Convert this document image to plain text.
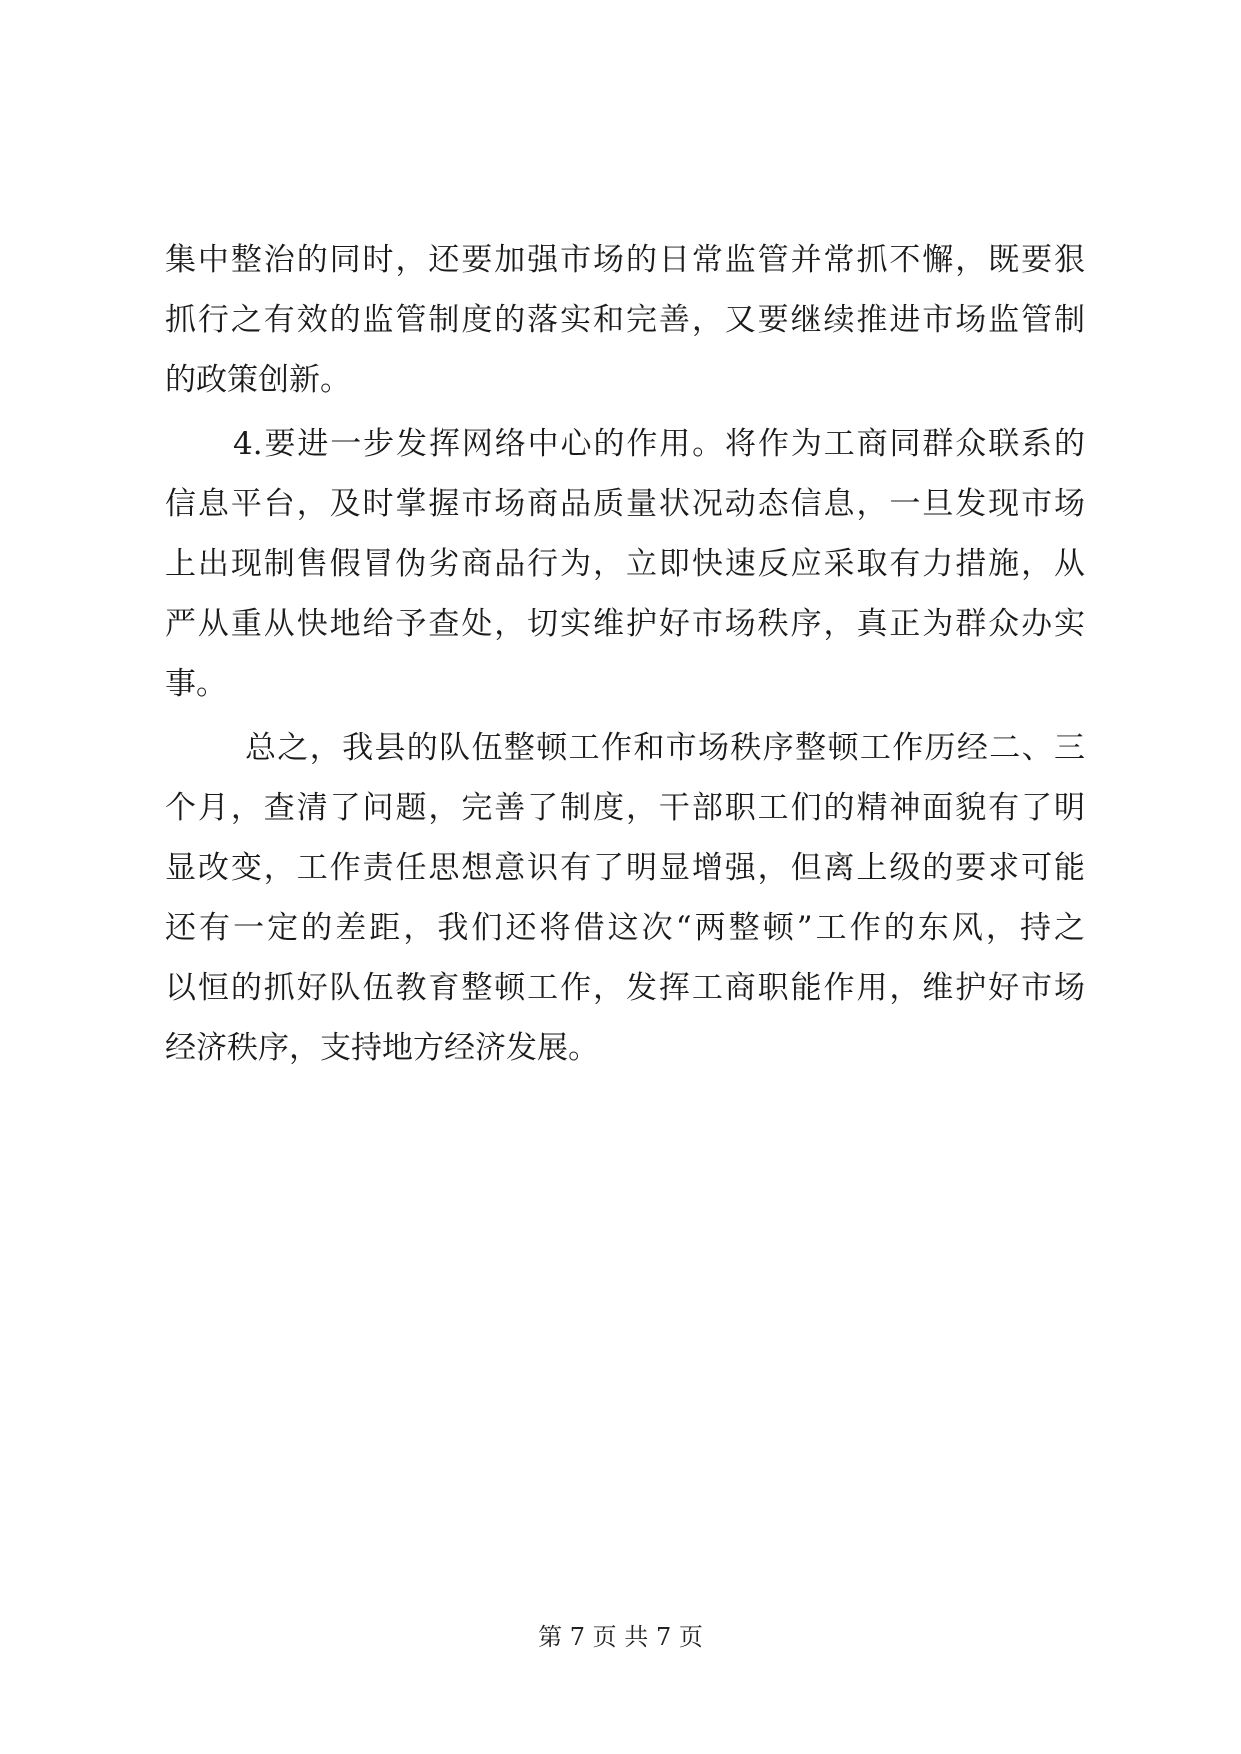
集中整治的同时，还要加强市场的日常监管并常抓不懈，既要狠
抓行之有效的监管制度的落实和完善，又要继续推进市场监管制
的政策创新。
4.要进一步发挥网络中心的作用。将作为工商同群众联系的
信息平台，及时掌握市场商品质量状况动态信息，一旦发现市场
上出现制售假冒伪劣商品行为，立即快速反应采取有力措施，从
严从重从快地给予查处，切实维护好市场秩序，真正为群众办实
事。
总之，我县的队伍整顿工作和市场秩序整顿工作历经二、三
个月，查清了问题，完善了制度，干部职工们的精神面貌有了明
显改变，工作责任思想意识有了明显增强，但离上级的要求可能
还有一定的差距，我们还将借这次“两整顿”工作的东风，持之
以恒的抓好队伍教育整顿工作，发挥工商职能作用，维护好市场
经济秩序，支持地方经济发展。
第 7 页 共 7 页
